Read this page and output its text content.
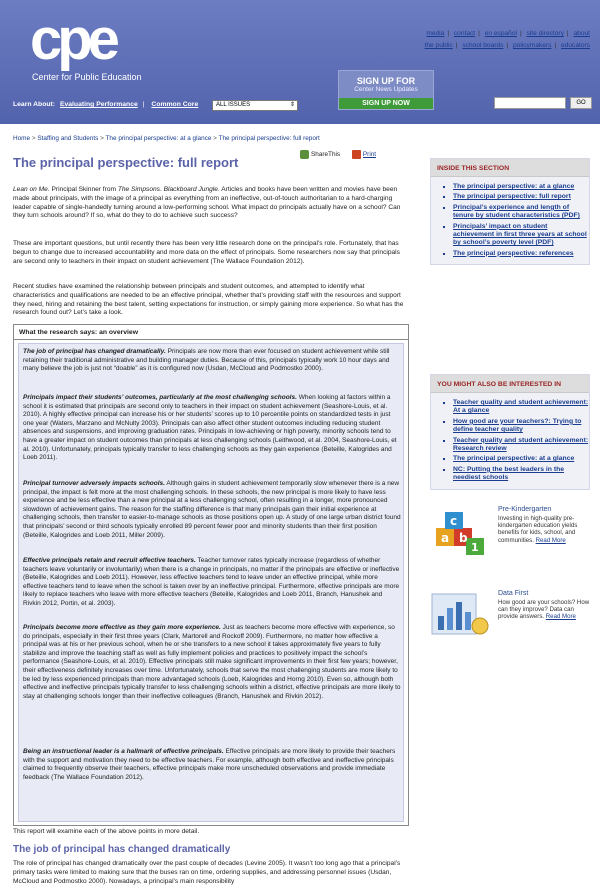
cpe
Center for Public Education
media | contact | en español | site directory | about
the public | school boards | policymakers | educators
SIGN UP FOR
Center News Updates
SIGN UP NOW
Learn About: Evaluating Performance | Common Core	ALL ISSUES	⇕	GO
Home > Staffing and Students > The principal perspective: at a glance > The principal perspective: full report
The principal perspective: full report
ShareThis	Print
Lean on Me. Principal Skinner from The Simpsons. Blackboard Jungle. Articles and books have been written and movies have been made about principals, with the image of a principal as everything from an ineffective, out-of-touch authoritarian to a hard-charging leader capable of single-handedly turning around a low-performing school. What impact do principals actually have on a school? Can they turn schools around? If so, what do they to do to achieve such success?
These are important questions, but until recently there has been very little research done on the principal’s role. Fortunately, that has begun to change due to increased accountability and more data on the effect of principals. Some researchers now say that principals are second only to teachers in their impact on student achievement (The Wallace Foundation 2012).
Recent studies have examined the relationship between principals and student outcomes, and attempted to identify what characteristics and qualifications are needed to be an effective principal, whether that’s providing staff with the resources and support they need, hiring and retaining the best talent, setting expectations for instruction, or simply gaining more experience. So what has the research found out? Let’s take a look.
What the research says: an overview
The job of principal has changed dramatically. Principals are now more than ever focused on student achievement while still retaining their traditional administrative and building manager duties. Because of this, principals typically work 10 hour days and many believe the job is just not “doable” as it is configured now (Usdan, McCloud and Podmostko 2000).
Principals impact their students’ outcomes, particularly at the most challenging schools. When looking at factors within a school it is estimated that principals are second only to teachers in their impact on student achievement (Seashore-Louis, et al. 2010). A highly effective principal can increase his or her students’ scores up to 10 percentile points on standardized tests in just one year (Waters, Marzano and McNulty 2003). Principals can also affect other student outcomes including reducing student absences and suspensions, and improving graduation rates. Principals in low-achieving or high poverty, minority schools tend to have a greater impact on student outcomes than principals at less challenging schools (Leithwood, et al. 2004, Seashore-Louis, et al. 2010). Unfortunately, principals typically transfer to less challenging schools as they gain experience (Beteille, Kalogrides and Loeb 2011).
Principal turnover adversely impacts schools. Although gains in student achievement temporarily slow whenever there is a new principal, the impact is felt more at the most challenging schools. In these schools, the new principal is more likely to have less experience and be less effective than a new principal at a less challenging school, often resulting in a longer, more pronounced slowdown of achievement gains. The reason for the staffing difference is that many principals gain their initial experience at challenging schools, then transfer to easier-to-manage schools as those positions open up. A study of one large urban district found that principals’ second or third schools typically enrolled 89 percent fewer poor and minority students than their first position (Beteille, Kalogrides and Loeb 2011, Miller 2009).
Effective principals retain and recruit effective teachers. Teacher turnover rates typically increase (regardless of whether teachers leave voluntarily or involuntarily) when there is a change in principals, no matter if the principals are effective or ineffective (Beteille, Kalogrides and Loeb 2011). However, less effective teachers tend to leave under an effective principal, while more effective teachers tend to leave when the school is taken over by an ineffective principal. Furthermore, effective principals are more likely to replace teachers who leave with more effective teachers (Beteille, Kalogrides and Loeb 2011, Branch, Hanushek and Rivkin 2012, Portin, et al. 2003).
Principals become more effective as they gain more experience. Just as teachers become more effective with experience, so do principals, especially in their first three years (Clark, Martorell and Rockoff 2009). Furthermore, no matter how effective a principal was at his or her previous school, when he or she transfers to a new school it takes approximately five years to fully stabilize and improve the teaching staff as well as fully implement policies and practices to positively impact the school’s performance (Seashore-Louis, et al. 2010). Effective principals still make significant improvements in their first few years; however, their effectiveness definitely increases over time. Unfortunately, schools that serve the most challenging students are more likely to be led by less experienced principals than more advantaged schools (Loeb, Kalogrides and Horng 2010). Even so, although both effective and ineffective principals typically transfer to less challenging schools within a district, effective principals are more likely to stay at challenging schools longer than their ineffective colleagues (Branch, Hanushek and Rivkin 2012).
Being an instructional leader is a hallmark of effective principals. Effective principals are more likely to provide their teachers with the support and motivation they need to be effective teachers. For example, although both effective and ineffective principals claimed to frequently observe their teachers, effective principals make more unscheduled observations and provide immediate feedback (The Wallace Foundation 2012).
This report will examine each of the above points in more detail.
The job of principal has changed dramatically
The role of principal has changed dramatically over the past couple of decades (Levine 2005). It wasn’t too long ago that a principal’s primary tasks were limited to making sure that the buses ran on time, ordering supplies, and addressing personnel issues (Usdan, McCloud and Podmostko 2000). Nowadays, a principal’s main responsibility
INSIDE THIS SECTION
▪ The principal perspective: at a glance
▪ The principal perspective: full report
▪ Principal’s experience and length of tenure by student characteristics (PDF)
▪ Principals’ impact on student achievement in first three years at school by school’s poverty level (PDF)
▪ The principal perspective: references
YOU MIGHT ALSO BE INTERESTED IN
▪ Teacher quality and student achievement: At a glance
▪ How good are your teachers?: Trying to define teacher quality
▪ Teacher quality and student achievement: Research review
▪ The principal perspective: at a glance
▪ NC: Putting the best leaders in the neediest schools
a b
c
1
Pre-Kindergarten
Investing in high-quality pre-kindergarten education yields benefits for kids, school, and communities. Read More
Data First
How good are your schools? How can they improve? Data can provide answers. Read More
